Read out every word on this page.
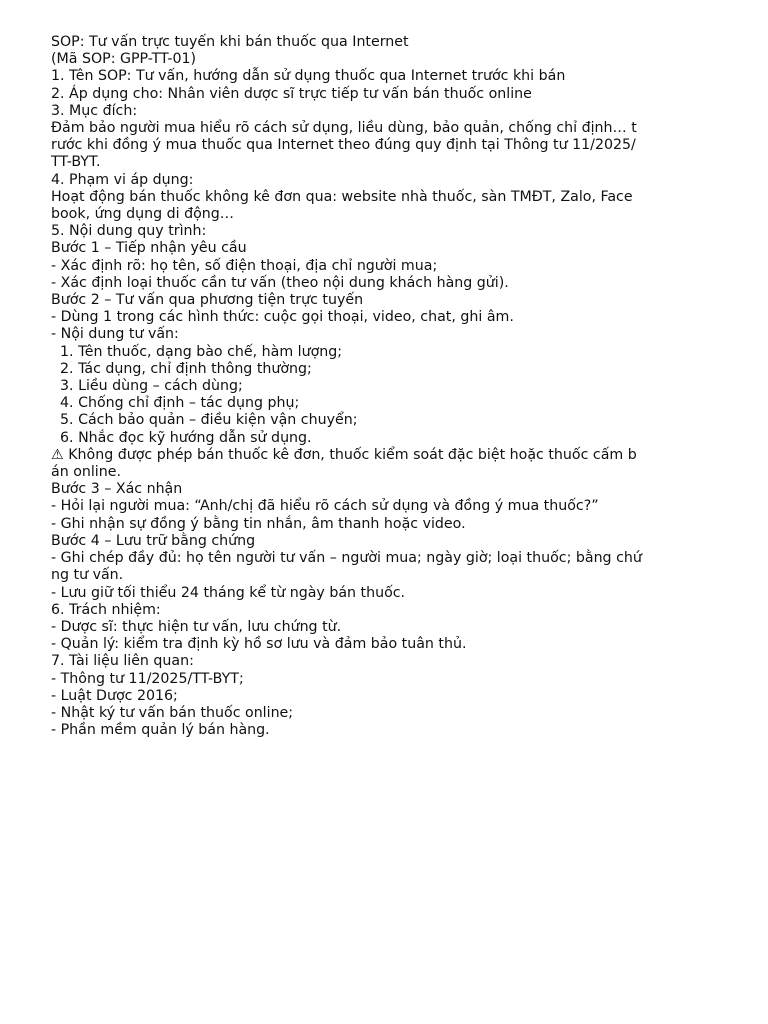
SOP: Tư vấn trực tuyến khi bán thuốc qua Internet
(Mã SOP: GPP-TT-01)
1. Tên SOP: Tư vấn, hướng dẫn sử dụng thuốc qua Internet trước khi bán
2. Áp dụng cho: Nhân viên dược sĩ trực tiếp tư vấn bán thuốc online
3. Mục đích:
Đảm bảo người mua hiểu rõ cách sử dụng, liều dùng, bảo quản, chống chỉ định… t
rước khi đồng ý mua thuốc qua Internet theo đúng quy định tại Thông tư 11/2025/
TT-BYT.
4. Phạm vi áp dụng:
Hoạt động bán thuốc không kê đơn qua: website nhà thuốc, sàn TMĐT, Zalo, Face
book, ứng dụng di động…
5. Nội dung quy trình:
Bước 1 – Tiếp nhận yêu cầu
- Xác định rõ: họ tên, số điện thoại, địa chỉ người mua;
- Xác định loại thuốc cần tư vấn (theo nội dung khách hàng gửi).
Bước 2 – Tư vấn qua phương tiện trực tuyến
- Dùng 1 trong các hình thức: cuộc gọi thoại, video, chat, ghi âm.
- Nội dung tư vấn:
1. Tên thuốc, dạng bào chế, hàm lượng;
2. Tác dụng, chỉ định thông thường;
3. Liều dùng – cách dùng;
4. Chống chỉ định – tác dụng phụ;
5. Cách bảo quản – điều kiện vận chuyển;
6. Nhắc đọc kỹ hướng dẫn sử dụng.
⚠ Không được phép bán thuốc kê đơn, thuốc kiểm soát đặc biệt hoặc thuốc cấm b
án online.
Bước 3 – Xác nhận
- Hỏi lại người mua: “Anh/chị đã hiểu rõ cách sử dụng và đồng ý mua thuốc?”
- Ghi nhận sự đồng ý bằng tin nhắn, âm thanh hoặc video.
Bước 4 – Lưu trữ bằng chứng
- Ghi chép đầy đủ: họ tên người tư vấn – người mua; ngày giờ; loại thuốc; bằng chứ
ng tư vấn.
- Lưu giữ tối thiểu 24 tháng kể từ ngày bán thuốc.
6. Trách nhiệm:
- Dược sĩ: thực hiện tư vấn, lưu chứng từ.
- Quản lý: kiểm tra định kỳ hồ sơ lưu và đảm bảo tuân thủ.
7. Tài liệu liên quan:
- Thông tư 11/2025/TT-BYT;
- Luật Dược 2016;
- Nhật ký tư vấn bán thuốc online;
- Phần mềm quản lý bán hàng.
